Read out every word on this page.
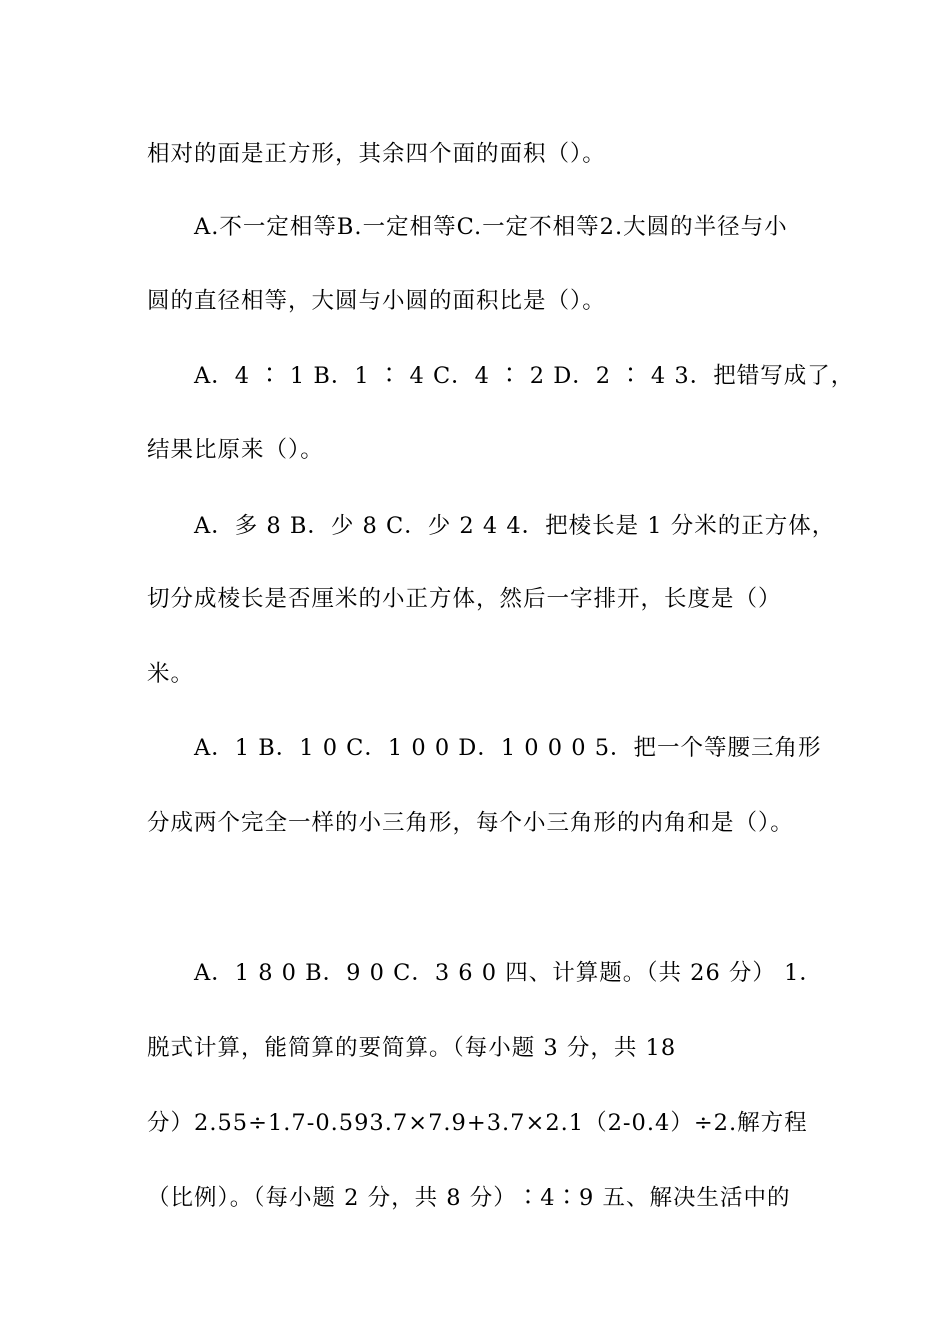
相对的面是正方形，其余四个面的面积（）。
A.不一定相等B.一定相等C.一定不相等2.大圆的半径与小
圆的直径相等，大圆与小圆的面积比是（）。
A．4 ∶ 1 B．1 ∶ 4 C．4 ∶ 2 D．2 ∶ 4 3．把错写成了，
结果比原来（）。
A．多 8 B．少 8 C．少 2 4 4．把棱长是 1 分米的正方体，
切分成棱长是否厘米的小正方体，然后一字排开，长度是（）
米。
A．1 B．1 0 C．1 0 0 D．1 0 0 0 5．把一个等腰三角形
分成两个完全一样的小三角形，每个小三角形的内角和是（）。
A．1 8 0 B．9 0 C．3 6 0 四、计算题。（共 26 分） 1．
脱式计算，能简算的要简算。（每小题 3 分，共 18
分）2.55÷1.7-0.593.7×7.9+3.7×2.1（2-0.4）÷2.解方程
（比例）。（每小题 2 分，共 8 分）∶4∶9 五、解决生活中的
